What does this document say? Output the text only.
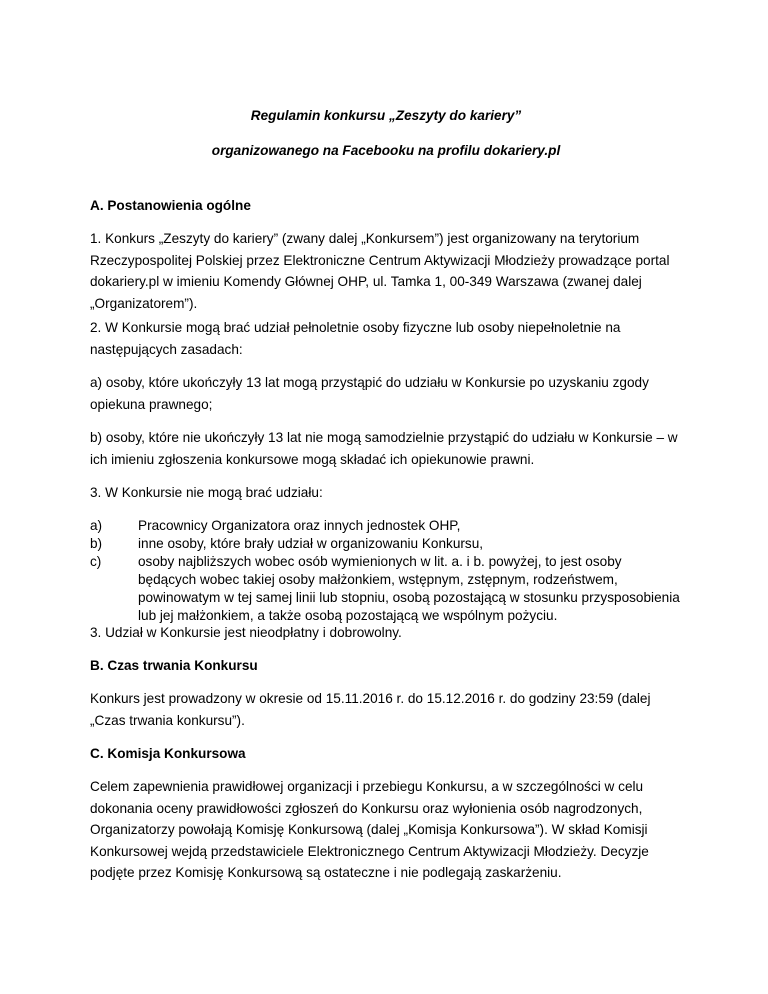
Regulamin konkursu „Zeszyty do kariery”

organizowanego na Facebooku na profilu dokariery.pl

A. Postanowienia ogólne

1. Konkurs „Zeszyty do kariery” (zwany dalej „Konkursem”) jest organizowany na terytorium Rzeczypospolitej Polskiej przez Elektroniczne Centrum Aktywizacji Młodzieży prowadzące portal dokariery.pl w imieniu Komendy Głównej OHP, ul. Tamka 1, 00-349 Warszawa (zwanej dalej „Organizatorem”).

2. W Konkursie mogą brać udział pełnoletnie osoby fizyczne lub osoby niepełnoletnie na następujących zasadach:

a) osoby, które ukończyły 13 lat mogą przystąpić do udziału w Konkursie po uzyskaniu zgody opiekuna prawnego;

b) osoby, które nie ukończyły 13 lat nie mogą samodzielnie przystąpić do udziału w Konkursie – w ich imieniu zgłoszenia konkursowe mogą składać ich opiekunowie prawni.

3. W Konkursie nie mogą brać udziału:

a)	Pracownicy Organizatora oraz innych jednostek OHP,
b)	inne osoby, które brały udział w organizowaniu Konkursu,
c)	osoby najbliższych wobec osób wymienionych w lit. a. i b. powyżej, to jest osoby będących wobec takiej osoby małżonkiem, wstępnym, zstępnym, rodzeństwem, powinowatym w tej samej linii lub stopniu, osobą pozostającą w stosunku przysposobienia lub jej małżonkiem, a także osobą pozostającą we wspólnym pożyciu.

3. Udział w Konkursie jest nieodpłatny i dobrowolny.

B. Czas trwania Konkursu

Konkurs jest prowadzony w okresie od 15.11.2016 r. do 15.12.2016 r. do godziny 23:59 (dalej „Czas trwania konkursu”).

C. Komisja Konkursowa

Celem zapewnienia prawidłowej organizacji i przebiegu Konkursu, a w szczególności w celu dokonania oceny prawidłowości zgłoszeń do Konkursu oraz wyłonienia osób nagrodzonych, Organizatorzy powołają Komisję Konkursową (dalej „Komisja Konkursowa”). W skład Komisji Konkursowej wejdą przedstawiciele Elektronicznego Centrum Aktywizacji Młodzieży. Decyzje podjęte przez Komisję Konkursową są ostateczne i nie podlegają zaskarżeniu.
